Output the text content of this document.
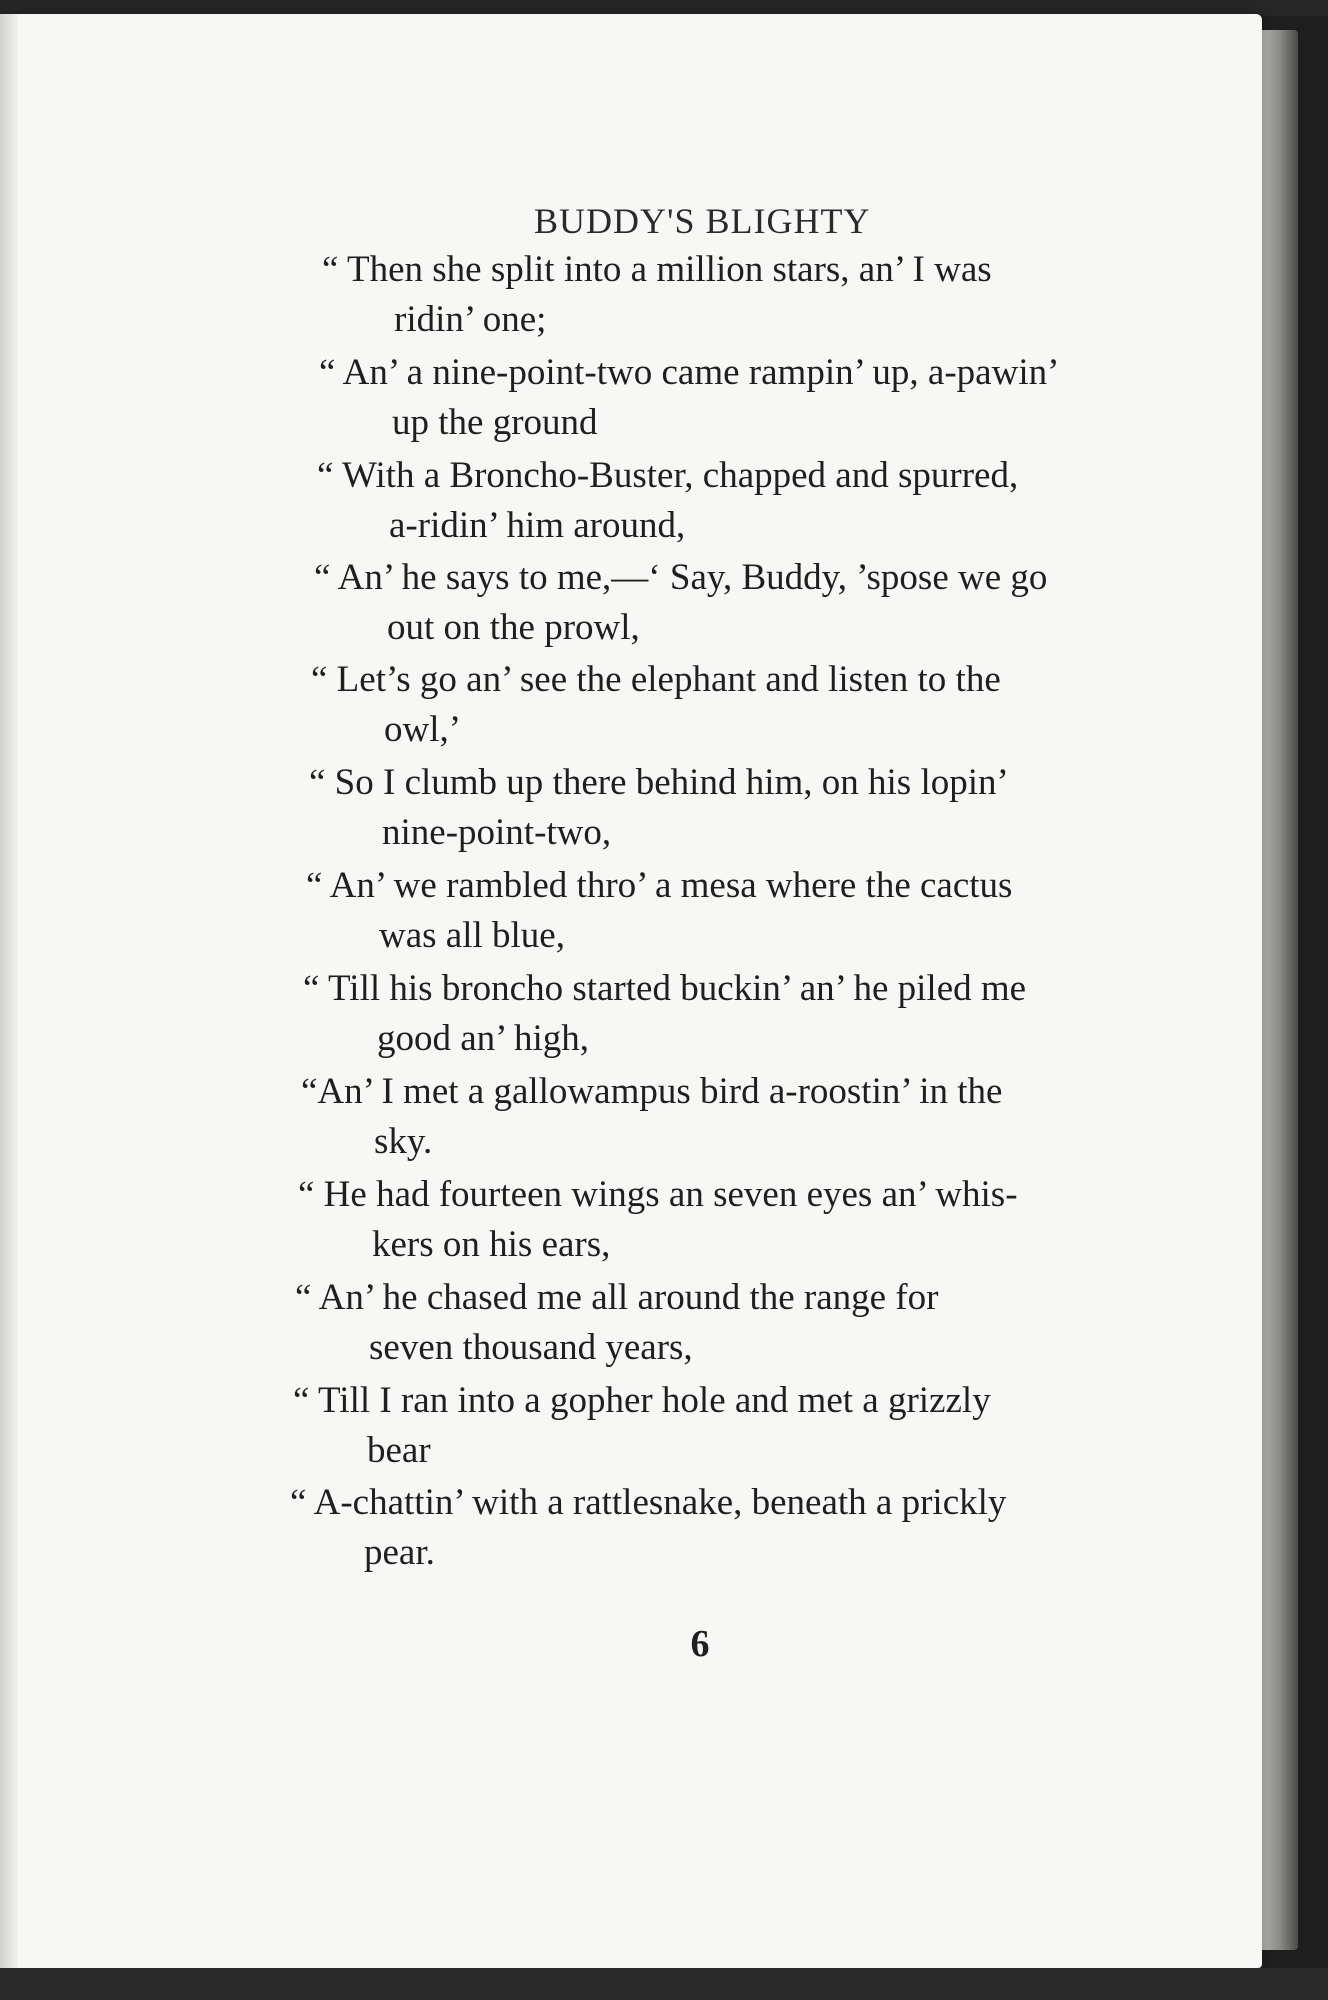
BUDDY'S BLIGHTY
“ Then she split into a million stars, an’ I was
ridin’ one;
“ An’ a nine-point-two came rampin’ up, a-pawin’
up the ground
“ With a Broncho-Buster, chapped and spurred,
a-ridin’ him around,
“ An’ he says to me,—‘ Say, Buddy, ’spose we go
out on the prowl,
“ Let’s go an’ see the elephant and listen to the
owl,’
“ So I clumb up there behind him, on his lopin’
nine-point-two,
“ An’ we rambled thro’ a mesa where the cactus
was all blue,
“ Till his broncho started buckin’ an’ he piled me
good an’ high,
“An’ I met a gallowampus bird a-roostin’ in the
sky.
“ He had fourteen wings an seven eyes an’ whis-
kers on his ears,
“ An’ he chased me all around the range for
seven thousand years,
“ Till I ran into a gopher hole and met a grizzly
bear
“ A-chattin’ with a rattlesnake, beneath a prickly
pear.
6
